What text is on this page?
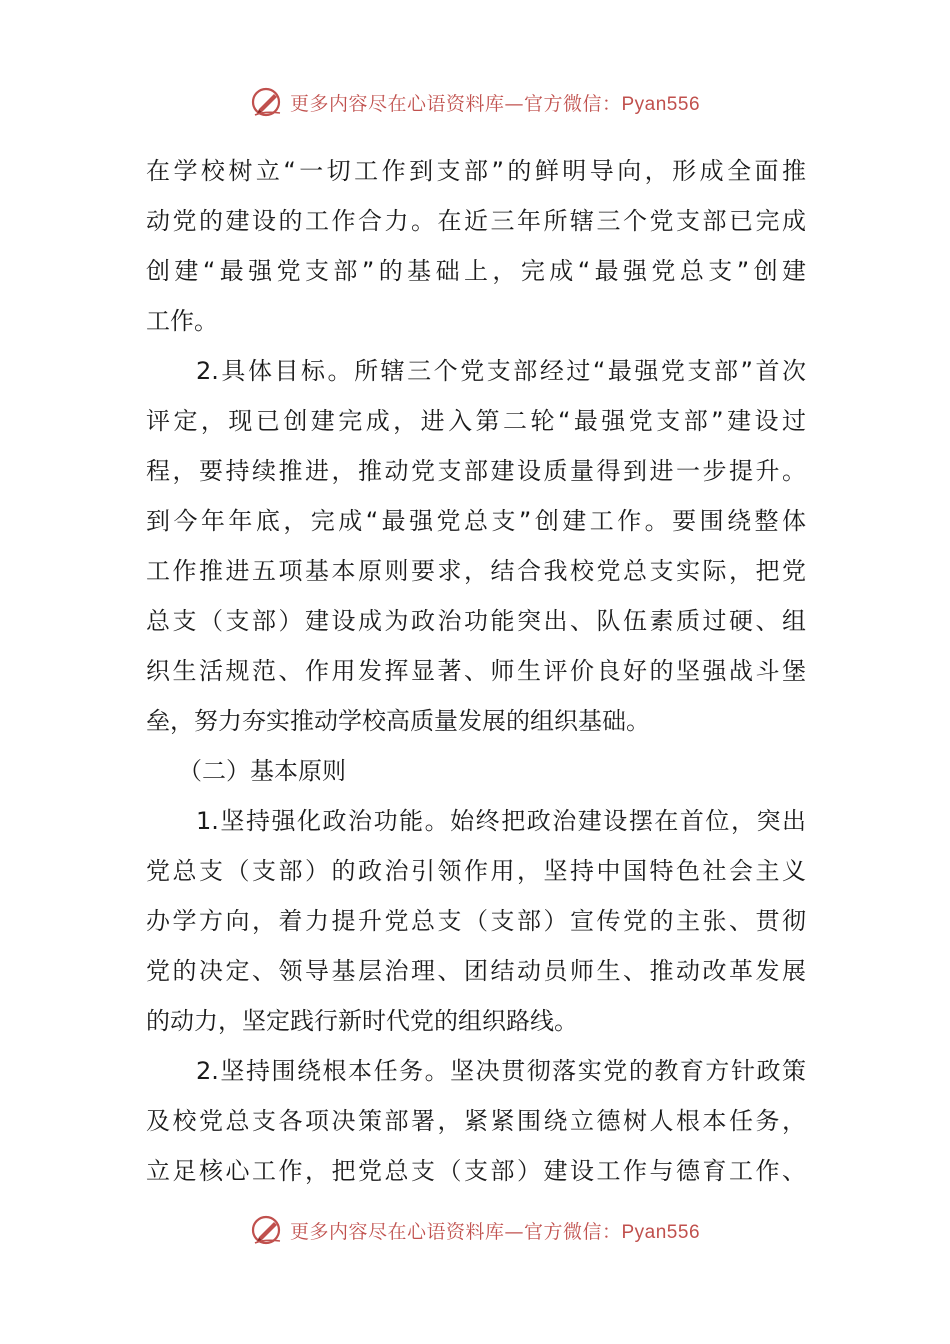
更多内容尽在心语资料库—官方微信：Pyan556
在学校树立“一切工作到支部”的鲜明导向，形成全面推
动党的建设的工作合力。在近三年所辖三个党支部已完成
创建“最强党支部”的基础上，完成“最强党总支”创建
工作。
2.具体目标。所辖三个党支部经过“最强党支部”首次
评定，现已创建完成，进入第二轮“最强党支部”建设过
程，要持续推进，推动党支部建设质量得到进一步提升。
到今年年底，完成“最强党总支”创建工作。要围绕整体
工作推进五项基本原则要求，结合我校党总支实际，把党
总支（支部）建设成为政治功能突出、队伍素质过硬、组
织生活规范、作用发挥显著、师生评价良好的坚强战斗堡
垒，努力夯实推动学校高质量发展的组织基础。
（二）基本原则
1.坚持强化政治功能。始终把政治建设摆在首位，突出
党总支（支部）的政治引领作用，坚持中国特色社会主义
办学方向，着力提升党总支（支部）宣传党的主张、贯彻
党的决定、领导基层治理、团结动员师生、推动改革发展
的动力，坚定践行新时代党的组织路线。
2.坚持围绕根本任务。坚决贯彻落实党的教育方针政策
及校党总支各项决策部署，紧紧围绕立德树人根本任务，
立足核心工作，把党总支（支部）建设工作与德育工作、
更多内容尽在心语资料库—官方微信：Pyan556
